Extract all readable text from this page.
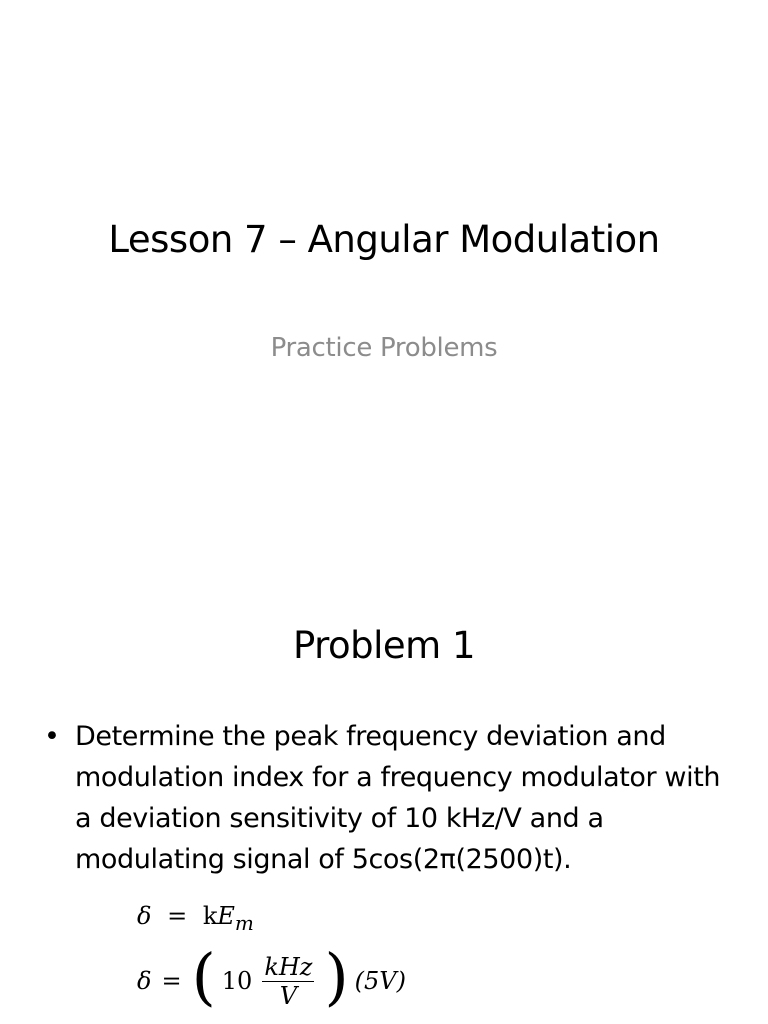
Lesson 7 – Angular Modulation
Practice Problems
Problem 1
• Determine the peak frequency deviation and modulation index for a frequency modulator with a deviation sensitivity of 10 kHz/V and a modulating signal of 5cos(2π(2500)t).
$\delta = kE_m$
δ = ( $10 \frac{\text{kHz}}{V}$ ) (5V)
